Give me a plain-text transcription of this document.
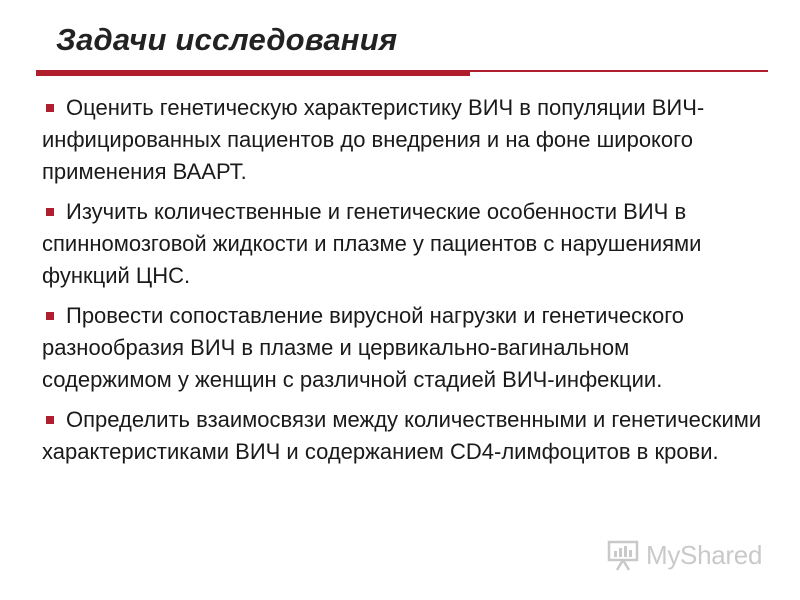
Задачи исследования
Оценить генетическую характеристику ВИЧ в популяции ВИЧ-инфицированных пациентов до внедрения и на фоне широкого применения ВААРТ.
Изучить количественные и генетические особенности ВИЧ в спинномозговой жидкости и плазме у пациентов с нарушениями функций ЦНС.
Провести сопоставление вирусной нагрузки и генетического разнообразия ВИЧ в плазме и цервикально-вагинальном содержимом у женщин с различной стадией ВИЧ-инфекции.
Определить взаимосвязи между количественными и генетическими характеристиками ВИЧ и содержанием CD4-лимфоцитов в крови.
MyShared
